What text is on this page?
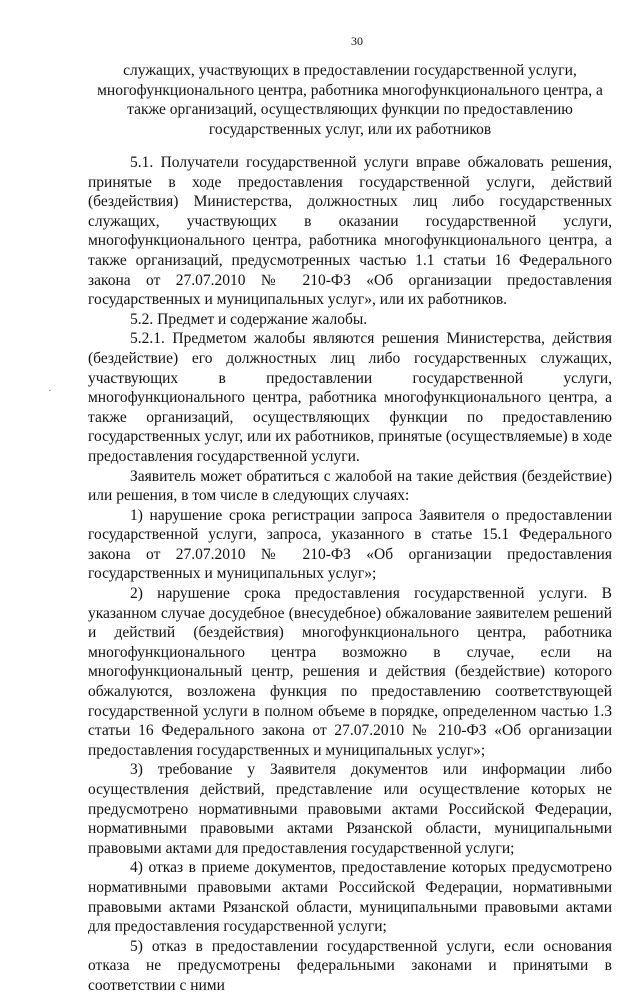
30
служащих, участвующих в предоставлении государственной услуги, многофункционального центра, работника многофункционального центра, а также организаций, осуществляющих функции по предоставлению государственных услуг, или их работников

5.1. Получатели государственной услуги вправе обжаловать решения, принятые в ходе предоставления государственной услуги, действий (бездействия) Министерства, должностных лиц либо государственных служащих, участвующих в оказании государственной услуги, многофункционального центра, работника многофункционального центра, а также организаций, предусмотренных частью 1.1 статьи 16 Федерального закона от 27.07.2010 № 210-ФЗ «Об организации предоставления государственных и муниципальных услуг», или их работников.

5.2. Предмет и содержание жалобы.

5.2.1. Предметом жалобы являются решения Министерства, действия (бездействие) его должностных лиц либо государственных служащих, участвующих в предоставлении государственной услуги, многофункционального центра, работника многофункционального центра, а также организаций, осуществляющих функции по предоставлению государственных услуг, или их работников, принятые (осуществляемые) в ходе предоставления государственной услуги.

Заявитель может обратиться с жалобой на такие действия (бездействие) или решения, в том числе в следующих случаях:

1) нарушение срока регистрации запроса Заявителя о предоставлении государственной услуги, запроса, указанного в статье 15.1 Федерального закона от 27.07.2010 № 210-ФЗ «Об организации предоставления государственных и муниципальных услуг»;

2) нарушение срока предоставления государственной услуги. В указанном случае досудебное (внесудебное) обжалование заявителем решений и действий (бездействия) многофункционального центра, работника многофункционального центра возможно в случае, если на многофункциональный центр, решения и действия (бездействие) которого обжалуются, возложена функция по предоставлению соответствующей государственной услуги в полном объеме в порядке, определенном частью 1.3 статьи 16 Федерального закона от 27.07.2010 № 210-ФЗ «Об организации предоставления государственных и муниципальных услуг»;

3) требование у Заявителя документов или информации либо осуществления действий, представление или осуществление которых не предусмотрено нормативными правовыми актами Российской Федерации, нормативными правовыми актами Рязанской области, муниципальными правовыми актами для предоставления государственной услуги;

4) отказ в приеме документов, предоставление которых предусмотрено нормативными правовыми актами Российской Федерации, нормативными правовыми актами Рязанской области, муниципальными правовыми актами для предоставления государственной услуги;

5) отказ в предоставлении государственной услуги, если основания отказа не предусмотрены федеральными законами и принятыми в соответствии с ними

·
